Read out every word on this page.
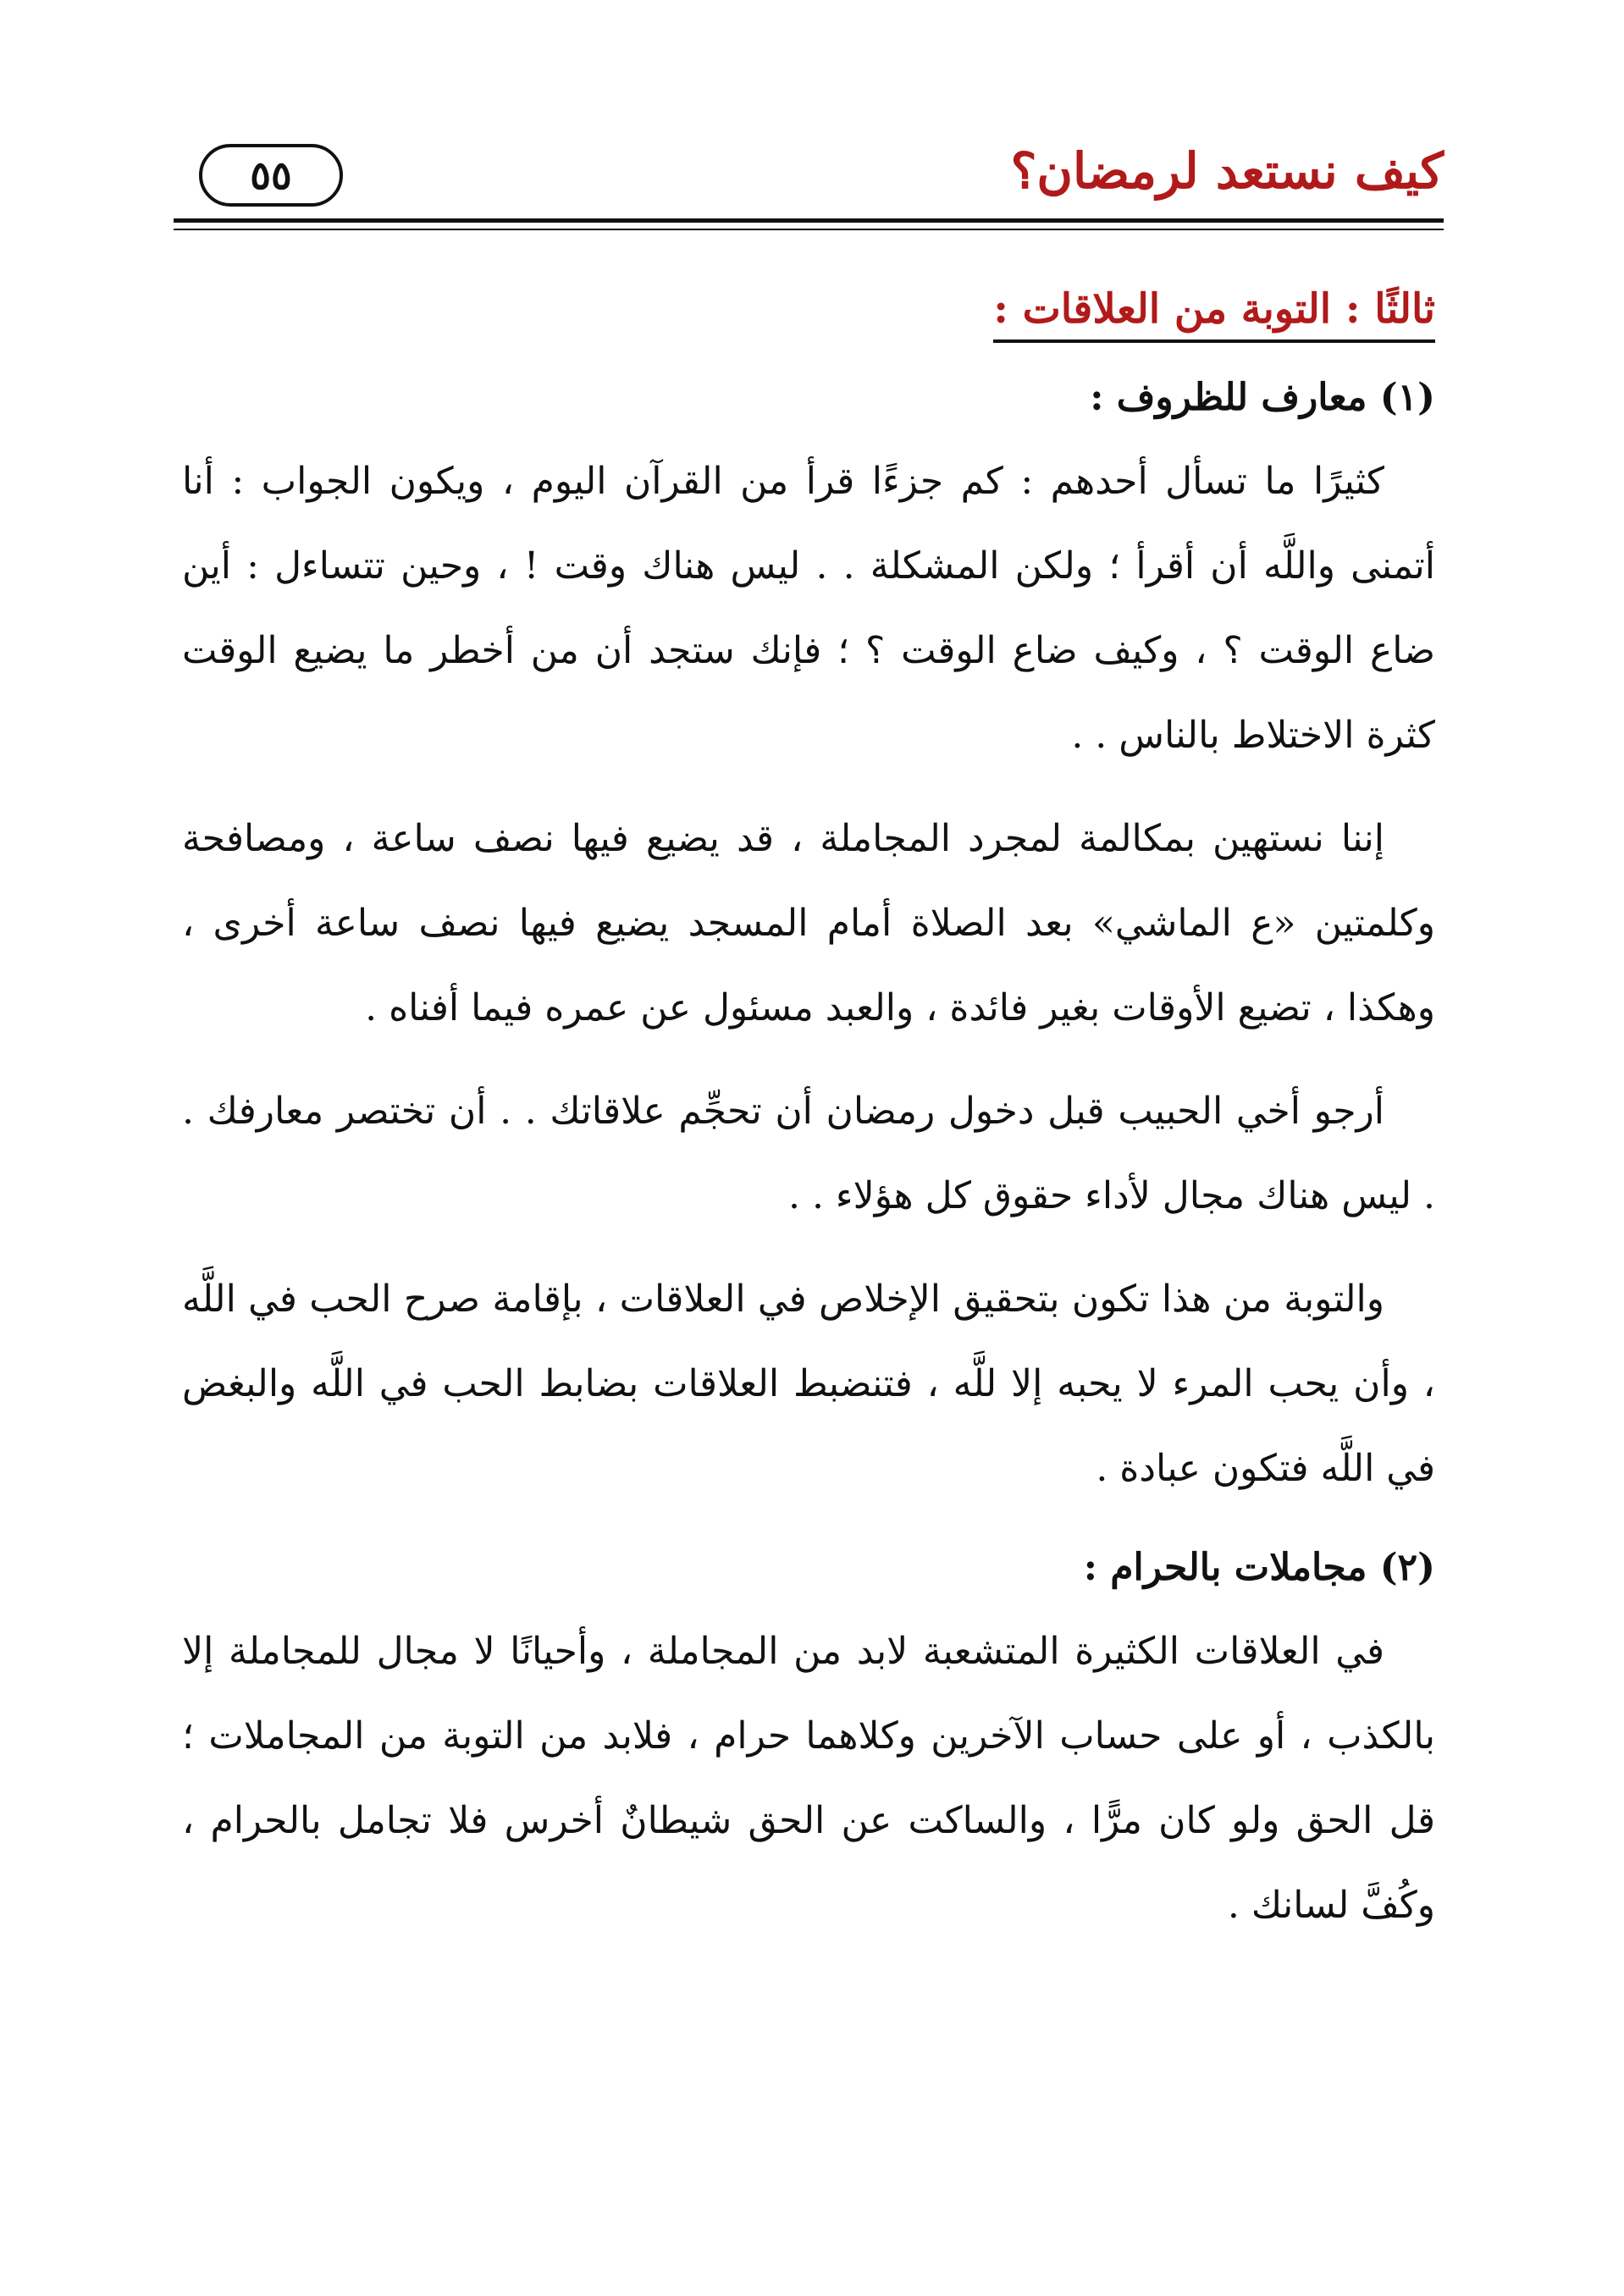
كيف نستعد لرمضان؟
٥٥
ثالثًا : التوبة من العلاقات :
(١) معارف للظروف :

كثيرًا ما تسأل أحدهم : كم جزءًا قرأ من القرآن اليوم ، ويكون الجواب : أنا أتمنى واللَّه أن أقرأ ؛ ولكن المشكلة . . ليس هناك وقت ! ، وحين تتساءل : أين ضاع الوقت ؟ ، وكيف ضاع الوقت ؟ ؛ فإنك ستجد أن من أخطر ما يضيع الوقت كثرة الاختلاط بالناس . .

إننا نستهين بمكالمة لمجرد المجاملة ، قد يضيع فيها نصف ساعة ، ومصافحة وكلمتين «ع الماشي» بعد الصلاة أمام المسجد يضيع فيها نصف ساعة أخرى ، وهكذا ، تضيع الأوقات بغير فائدة ، والعبد مسئول عن عمره فيما أفناه .

أرجو أخي الحبيب قبل دخول رمضان أن تحجِّم علاقاتك . . أن تختصر معارفك . . ليس هناك مجال لأداء حقوق كل هؤلاء . .

والتوبة من هذا تكون بتحقيق الإخلاص في العلاقات ، بإقامة صرح الحب في اللَّه ، وأن يحب المرء لا يحبه إلا للَّه ، فتنضبط العلاقات بضابط الحب في اللَّه والبغض في اللَّه فتكون عبادة .

(٢) مجاملات بالحرام :

في العلاقات الكثيرة المتشعبة لابد من المجاملة ، وأحيانًا لا مجال للمجاملة إلا بالكذب ، أو على حساب الآخرين وكلاهما حرام ، فلابد من التوبة من المجاملات ؛ قل الحق ولو كان مرًّا ، والساكت عن الحق شيطانٌ أخرس فلا تجامل بالحرام ، وكُفَّ لسانك .
